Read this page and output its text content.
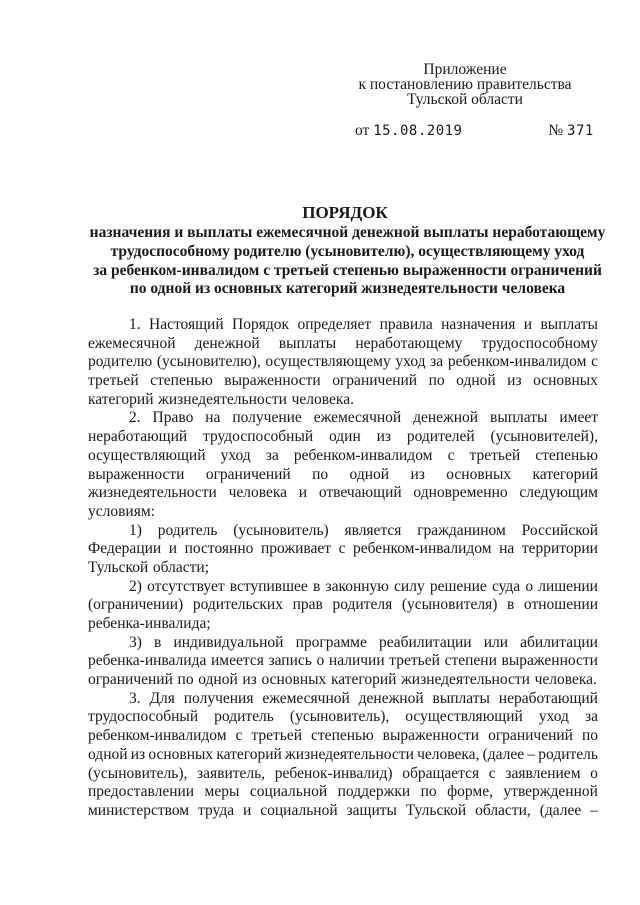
Приложение
к постановлению правительства
Тульской области
от 15.08.2019	№ 371
ПОРЯДОК
назначения и выплаты ежемесячной денежной выплаты неработающему
трудоспособному родителю (усыновителю), осуществляющему уход
за ребенком-инвалидом с третьей степенью выраженности ограничений
по одной из основных категорий жизнедеятельности человека
1. Настоящий Порядок определяет правила назначения и выплаты
ежемесячной денежной выплаты неработающему трудоспособному
родителю (усыновителю), осуществляющему уход за ребенком-инвалидом с
третьей степенью выраженности ограничений по одной из основных
категорий жизнедеятельности человека.
2. Право на получение ежемесячной денежной выплаты имеет
неработающий трудоспособный один из родителей (усыновителей),
осуществляющий уход за ребенком-инвалидом с третьей степенью
выраженности ограничений по одной из основных категорий
жизнедеятельности человека и отвечающий одновременно следующим
условиям:
1) родитель (усыновитель) является гражданином Российской
Федерации и постоянно проживает с ребенком-инвалидом на территории
Тульской области;
2) отсутствует вступившее в законную силу решение суда о лишении
(ограничении) родительских прав родителя (усыновителя) в отношении
ребенка-инвалида;
3) в индивидуальной программе реабилитации или абилитации
ребенка-инвалида имеется запись о наличии третьей степени выраженности
ограничений по одной из основных категорий жизнедеятельности человека.
3. Для получения ежемесячной денежной выплаты неработающий
трудоспособный родитель (усыновитель), осуществляющий уход за
ребенком-инвалидом с третьей степенью выраженности ограничений по
одной из основных категорий жизнедеятельности человека, (далее – родитель
(усыновитель), заявитель, ребенок-инвалид) обращается с заявлением о
предоставлении меры социальной поддержки по форме, утвержденной
министерством труда и социальной защиты Тульской области, (далее –
